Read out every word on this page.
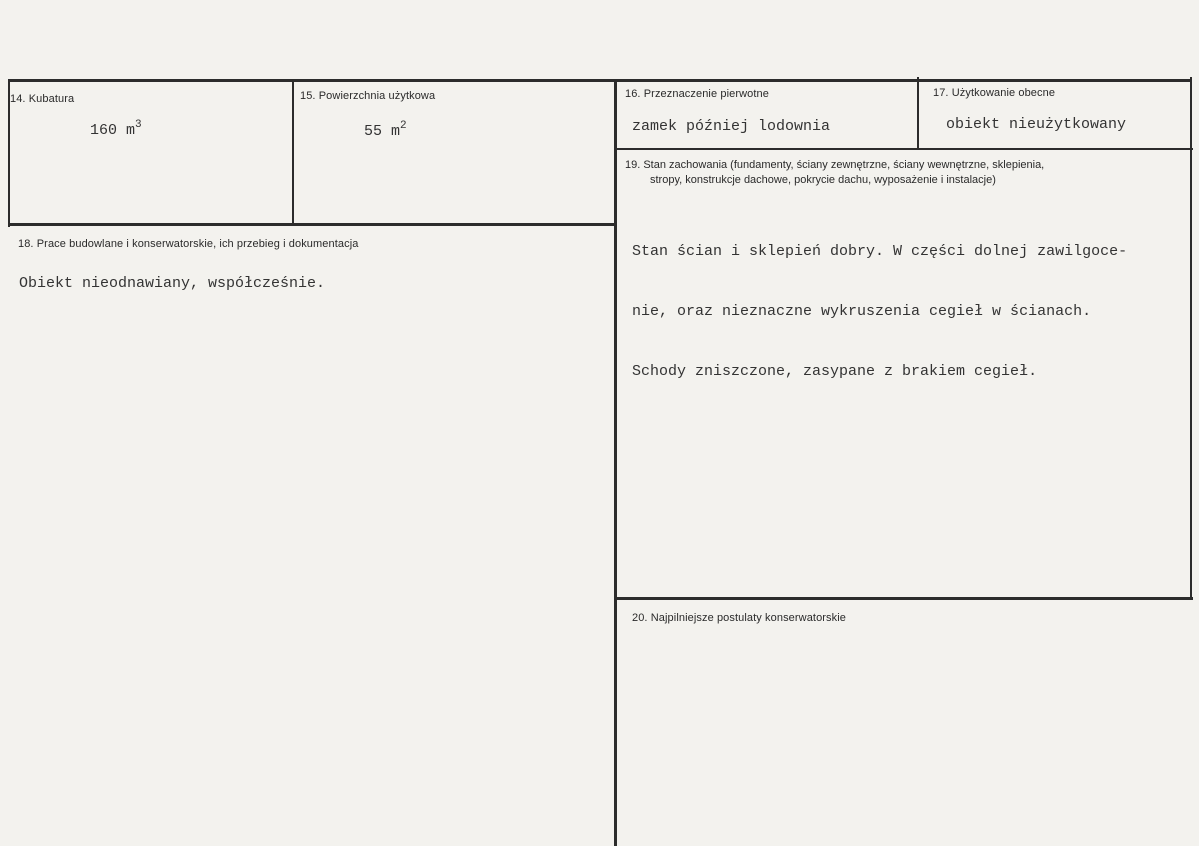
14. Kubatura
160 $m^3$
15. Powierzchnia użytkowa
55 $m^2$
16. Przeznaczenie pierwotne
zamek później lodownia
17. Użytkowanie obecne
obiekt nieużytkowany
18. Prace budowlane i konserwatorskie, ich przebieg i dokumentacja
Obiekt nieodnawiany, współcześnie.
19. Stan zachowania (fundamenty, ściany zewnętrzne, ściany wewnętrzne, sklepienia,
stropy, konstrukcje dachowe, pokrycie dachu, wyposażenie i instalacje)

Stan ścian i sklepień dobry. W części dolnej zawilgoce-

nie, oraz nieznaczne wykruszenia cegieł w ścianach.

Schody zniszczone, zasypane z brakiem cegieł.

20. Najpilniejsze postulaty konserwatorskie
